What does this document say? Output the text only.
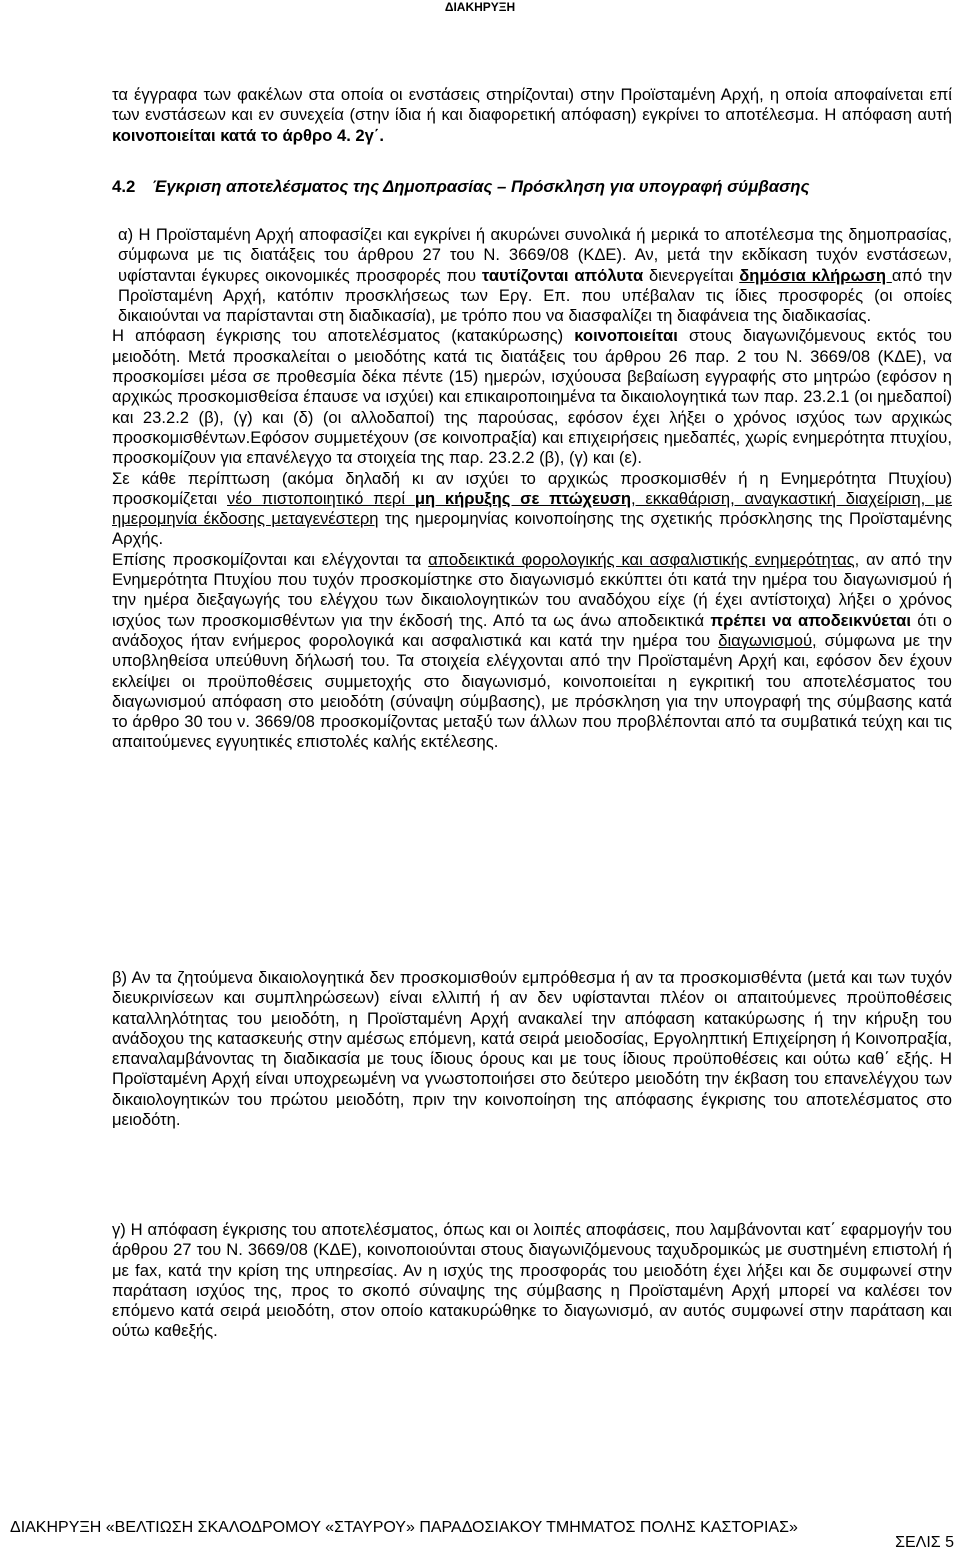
ΔΙΑΚΗΡΥΞΗ

τα έγγραφα των φακέλων στα οποία οι ενστάσεις στηρίζονται) στην Προϊσταμένη Αρχή, η οποία αποφαίνεται επί των ενστάσεων και εν συνεχεία (στην ίδια ή και διαφορετική απόφαση) εγκρίνει το αποτέλεσμα. Η απόφαση αυτή κοινοποιείται κατά το άρθρο 4. 2γ΄.

4.2 Έγκριση αποτελέσματος της Δημοπρασίας – Πρόσκληση για υπογραφή σύμβασης

α) Η Προϊσταμένη Αρχή αποφασίζει και εγκρίνει ή ακυρώνει συνολικά ή μερικά το αποτέλεσμα της δημοπρασίας, σύμφωνα με τις διατάξεις του άρθρου 27 του Ν. 3669/08 (ΚΔΕ). Αν, μετά την εκδίκαση τυχόν ενστάσεων, υφίστανται έγκυρες οικονομικές προσφορές που ταυτίζονται απόλυτα διενεργείται δημόσια κλήρωση από την Προϊσταμένη Αρχή, κατόπιν προσκλήσεως των Εργ. Επ. που υπέβαλαν τις ίδιες προσφορές (οι οποίες δικαιούνται να παρίστανται στη διαδικασία), με τρόπο που να διασφαλίζει τη διαφάνεια της διαδικασίας.

Η απόφαση έγκρισης του αποτελέσματος (κατακύρωσης) κοινοποιείται στους διαγωνιζόμενους εκτός του μειοδότη. Μετά προσκαλείται ο μειοδότης κατά τις διατάξεις του άρθρου 26 παρ. 2 του Ν. 3669/08 (ΚΔΕ), να προσκομίσει μέσα σε προθεσμία δέκα πέντε (15) ημερών, ισχύουσα βεβαίωση εγγραφής στο μητρώο (εφόσον η αρχικώς προσκομισθείσα έπαυσε να ισχύει) και επικαιροποιημένα τα δικαιολογητικά των παρ. 23.2.1 (οι ημεδαποί) και 23.2.2 (β), (γ) και (δ) (οι αλλοδαποί) της παρούσας, εφόσον έχει λήξει ο χρόνος ισχύος των αρχικώς προσκομισθέντων.Εφόσον συμμετέχουν (σε κοινοπραξία) και επιχειρήσεις ημεδαπές, χωρίς ενημερότητα πτυχίου, προσκομίζουν για επανέλεγχο τα στοιχεία της παρ. 23.2.2 (β), (γ) και (ε).

Σε κάθε περίπτωση (ακόμα δηλαδή κι αν ισχύει το αρχικώς προσκομισθέν ή η Ενημερότητα Πτυχίου) προσκομίζεται νέο πιστοποιητικό περί μη κήρυξης σε πτώχευση, εκκαθάριση, αναγκαστική διαχείριση, με ημερομηνία έκδοσης μεταγενέστερη της ημερομηνίας κοινοποίησης της σχετικής πρόσκλησης της Προϊσταμένης Αρχής.

Επίσης προσκομίζονται και ελέγχονται τα αποδεικτικά φορολογικής και ασφαλιστικής ενημερότητας, αν από την Ενημερότητα Πτυχίου που τυχόν προσκομίστηκε στο διαγωνισμό εκκύπτει ότι κατά την ημέρα του διαγωνισμού ή την ημέρα διεξαγωγής του ελέγχου των δικαιολογητικών του αναδόχου είχε (ή έχει αντίστοιχα) λήξει ο χρόνος ισχύος των προσκομισθέντων για την έκδοσή της. Από τα ως άνω αποδεικτικά πρέπει να αποδεικνύεται ότι ο ανάδοχος ήταν ενήμερος φορολογικά και ασφαλιστικά και κατά την ημέρα του διαγωνισμού, σύμφωνα με την υποβληθείσα υπεύθυνη δήλωσή του. Τα στοιχεία ελέγχονται από την Προϊσταμένη Αρχή και, εφόσον δεν έχουν εκλείψει οι προϋποθέσεις συμμετοχής στο διαγωνισμό, κοινοποιείται η εγκριτική του αποτελέσματος του διαγωνισμού απόφαση στο μειοδότη (σύναψη σύμβασης), με πρόσκληση για την υπογραφή της σύμβασης κατά το άρθρο 30 του ν. 3669/08 προσκομίζοντας μεταξύ των άλλων που προβλέπονται από τα συμβατικά τεύχη και τις απαιτούμενες εγγυητικές επιστολές καλής εκτέλεσης.

β) Αν τα ζητούμενα δικαιολογητικά δεν προσκομισθούν εμπρόθεσμα ή αν τα προσκομισθέντα (μετά και των τυχόν διευκρινίσεων και συμπληρώσεων) είναι ελλιπή ή αν δεν υφίστανται πλέον οι απαιτούμενες προϋποθέσεις καταλληλότητας του μειοδότη, η Προϊσταμένη Αρχή ανακαλεί την απόφαση κατακύρωσης ή την κήρυξη του ανάδοχου της κατασκευής στην αμέσως επόμενη, κατά σειρά μειοδοσίας, Εργοληπτική Επιχείρηση ή Κοινοπραξία, επαναλαμβάνοντας τη διαδικασία με τους ίδιους όρους και με τους ίδιους προϋποθέσεις και ούτω καθ΄ εξής. Η Προϊσταμένη Αρχή είναι υποχρεωμένη να γνωστοποιήσει στο δεύτερο μειοδότη την έκβαση του επανελέγχου των δικαιολογητικών του πρώτου μειοδότη, πριν την κοινοποίηση της απόφασης έγκρισης του αποτελέσματος στο μειοδότη.

γ) Η απόφαση έγκρισης του αποτελέσματος, όπως και οι λοιπές αποφάσεις, που λαμβάνονται κατ΄ εφαρμογήν του άρθρου 27 του Ν. 3669/08 (ΚΔΕ), κοινοποιούνται στους διαγωνιζόμενους ταχυδρομικώς με συστημένη επιστολή ή με fax, κατά την κρίση της υπηρεσίας. Αν η ισχύς της προσφοράς του μειοδότη έχει λήξει και δε συμφωνεί στην παράταση ισχύος της, προς το σκοπό σύναψης της σύμβασης η Προϊσταμένη Αρχή μπορεί να καλέσει τον επόμενο κατά σειρά μειοδότη, στον οποίο κατακυρώθηκε το διαγωνισμό, αν αυτός συμφωνεί στην παράταση και ούτω καθεξής.

ΔΙΑΚΗΡΥΞΗ «ΒΕΛΤΙΩΣΗ ΣΚΑΛΟΔΡΟΜΟΥ «ΣΤΑΥΡΟΥ» ΠΑΡΑΔΟΣΙΑΚΟΥ ΤΜΗΜΑΤΟΣ ΠΟΛΗΣ ΚΑΣΤΟΡΙΑΣ»
ΣΕΛΙΣ 5
